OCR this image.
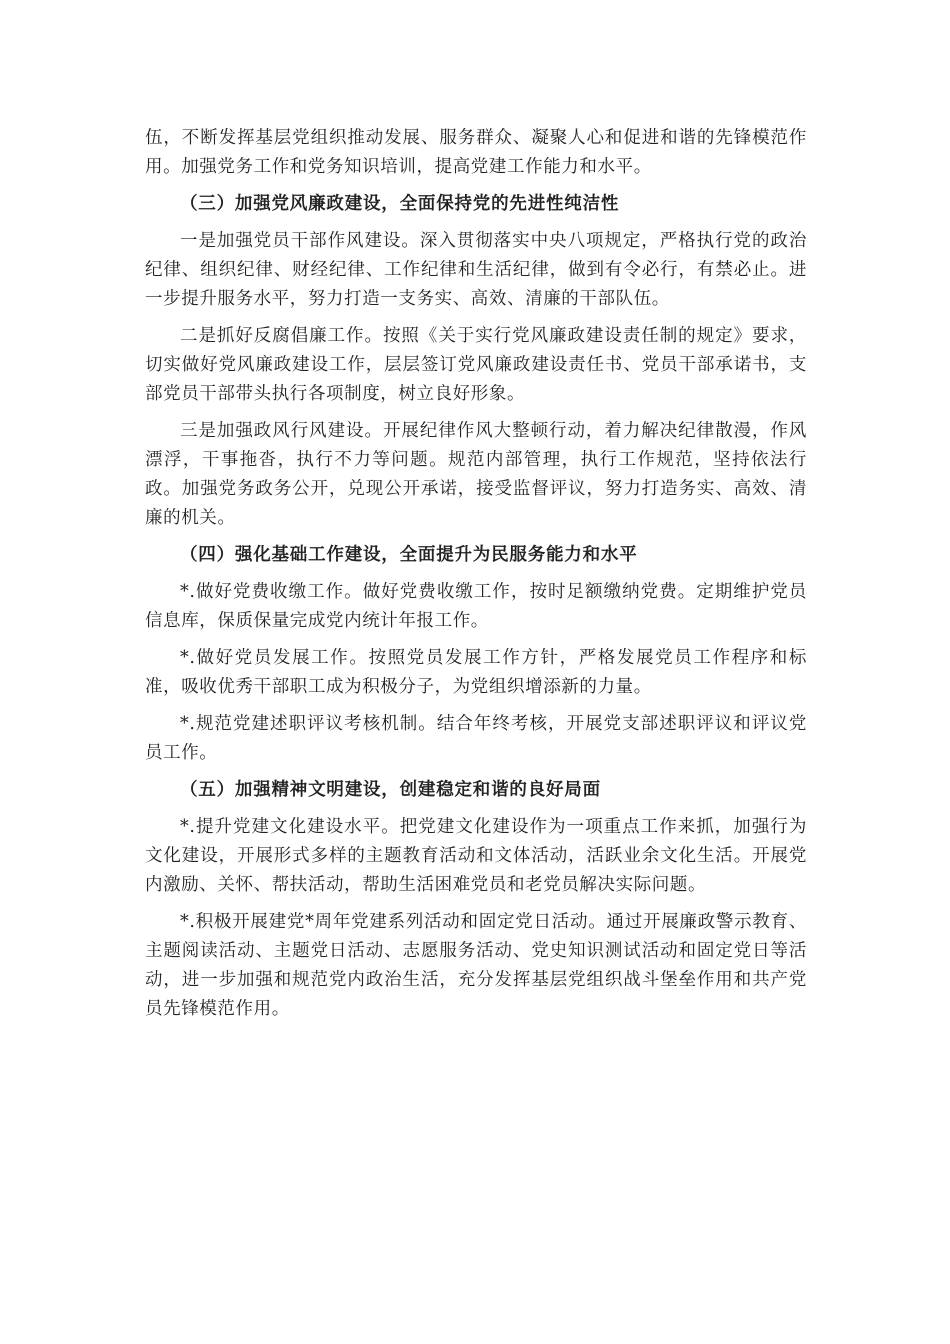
伍，不断发挥基层党组织推动发展、服务群众、凝聚人心和促进和谐的先锋模范作用。加强党务工作和党务知识培训，提高党建工作能力和水平。

（三）加强党风廉政建设，全面保持党的先进性纯洁性

一是加强党员干部作风建设。深入贯彻落实中央八项规定，严格执行党的政治纪律、组织纪律、财经纪律、工作纪律和生活纪律，做到有令必行，有禁必止。进一步提升服务水平，努力打造一支务实、高效、清廉的干部队伍。

二是抓好反腐倡廉工作。按照《关于实行党风廉政建设责任制的规定》要求，切实做好党风廉政建设工作，层层签订党风廉政建设责任书、党员干部承诺书，支部党员干部带头执行各项制度，树立良好形象。

三是加强政风行风建设。开展纪律作风大整顿行动，着力解决纪律散漫，作风漂浮，干事拖沓，执行不力等问题。规范内部管理，执行工作规范，坚持依法行政。加强党务政务公开，兑现公开承诺，接受监督评议，努力打造务实、高效、清廉的机关。

（四）强化基础工作建设，全面提升为民服务能力和水平

*.做好党费收缴工作。做好党费收缴工作，按时足额缴纳党费。定期维护党员信息库，保质保量完成党内统计年报工作。

*.做好党员发展工作。按照党员发展工作方针，严格发展党员工作程序和标准，吸收优秀干部职工成为积极分子，为党组织增添新的力量。

*.规范党建述职评议考核机制。结合年终考核，开展党支部述职评议和评议党员工作。

（五）加强精神文明建设，创建稳定和谐的良好局面

*.提升党建文化建设水平。把党建文化建设作为一项重点工作来抓，加强行为文化建设，开展形式多样的主题教育活动和文体活动，活跃业余文化生活。开展党内激励、关怀、帮扶活动，帮助生活困难党员和老党员解决实际问题。

*.积极开展建党*周年党建系列活动和固定党日活动。通过开展廉政警示教育、主题阅读活动、主题党日活动、志愿服务活动、党史知识测试活动和固定党日等活动，进一步加强和规范党内政治生活，充分发挥基层党组织战斗堡垒作用和共产党员先锋模范作用。
